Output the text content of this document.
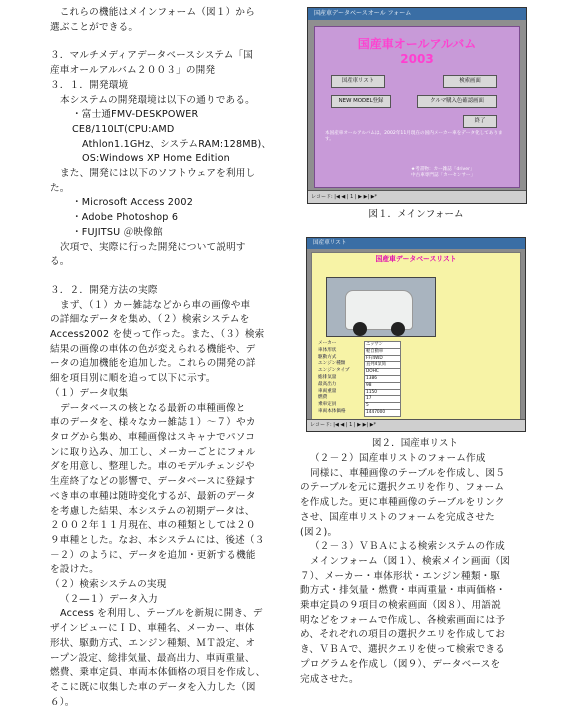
　これらの機能はメインフォーム（図１）から
選ぶことができる。
３．マルチメディアデータベースシステム「国
産車オールアルバム２００３」の開発
３．１．開発環境
本システムの開発環境は以下の通りである。
・富士通FMV-DESKPOWER CE8/110LT(CPU:AMD
Athlon1.1GHz、システムRAM:128MB)、
OS:Windows XP Home Edition
また、開発には以下のソフトウェアを利用し
た。
・Microsoft Access 2002
・Adobe Photoshop 6
・FUJITSU ＠映像館
次項で、実際に行った開発について説明す
る。
３．２．開発方法の実際
まず、（１）カー雑誌などから車の画像や車
の詳細なデータを集め、（２）検索システムを
Access2002 を使って作った。また、（３）検索
結果の画像の車体の色が変えられる機能や、デ
ータの追加機能を追加した。これらの開発の詳
細を項目別に順を追って以下に示す。
（１）データ収集
データベースの核となる最新の車種画像と
車のデータを、様々なカー雑誌１）～７）やカ
タログから集め、車種画像はスキャナでパソコ
ンに取り込み、加工し、メーカーごとにフォル
ダを用意し、整理した。車のモデルチェンジや
生産終了などの影響で、データベースに登録す
べき車の車種は随時変化するが、最新のデータ
を考慮した結果、本システムの初期データは、
２００２年１１月現在、車の種類としては２０
９車種とした。なお、本システムには、後述（３
－２）のように、データを追加・更新する機能
を設けた。
（２）検索システムの実現
（２―１）データ入力
Access を利用し、テーブルを新規に開き、デ
ザインビューにＩＤ、車種名、メーカー、車体
形状、駆動方式、エンジン種類、ＭＴ設定、オ
ープン設定、総排気量、最高出力、車両重量、
燃費、乗車定員、車両本体価格の項目を作成し、
そこに既に収集した車のデータを入力した（図
６）。
国産車データベースオール フォーム
国産車オールアルバム
2003
国産車リスト	検索画面
NEW MODEL登録	クルマ購入色確認画面
終了
本国産車オールアルバムは、2002年11月現在の国内メーカー車をデータ化してあります。
★考書物：カー雑誌「driver」
中古車専門誌「カーセンサー」
レコード: |◀ ◀ | 1 | ▶ ▶| ▶*
図１．メインフォーム
国産車リスト
国産車データベースリスト
メーカー	ニッサン
車体形状	軽自動車
駆動方式	FF/4WD
エンジン種類	直列4気筒
エンジンタイプ	DOHC
総排気量	1386
最高出力	98
車両重量	1150
燃費	17
乗車定員	5
車両本体価格	1447000
レコード: |◀ ◀ | 1 | ▶ ▶| ▶*
図２．国産車リスト
（２－２）国産車リストのフォーム作成
同様に、車種画像のテーブルを作成し、図５
のテーブルを元に選択クエリを作り、フォーム
を作成した。更に車種画像のテーブルをリンク
させ、国産車リストのフォームを完成させた
(図２)。
（２－３）ＶＢＡによる検索システムの作成
メインフォーム（図１）、検索メイン画面（図
７）、メーカー・車体形状・エンジン種類・駆
動方式・排気量・燃費・車両重量・車両価格・
乗車定員の９項目の検索画面（図８）、用語説
明などをフォームで作成し、各検索画面には予
め、それぞれの項目の選択クエリを作成してお
き、ＶＢＡで、選択クエリを使って検索できる
プログラムを作成し（図９）、データベースを
完成させた。
